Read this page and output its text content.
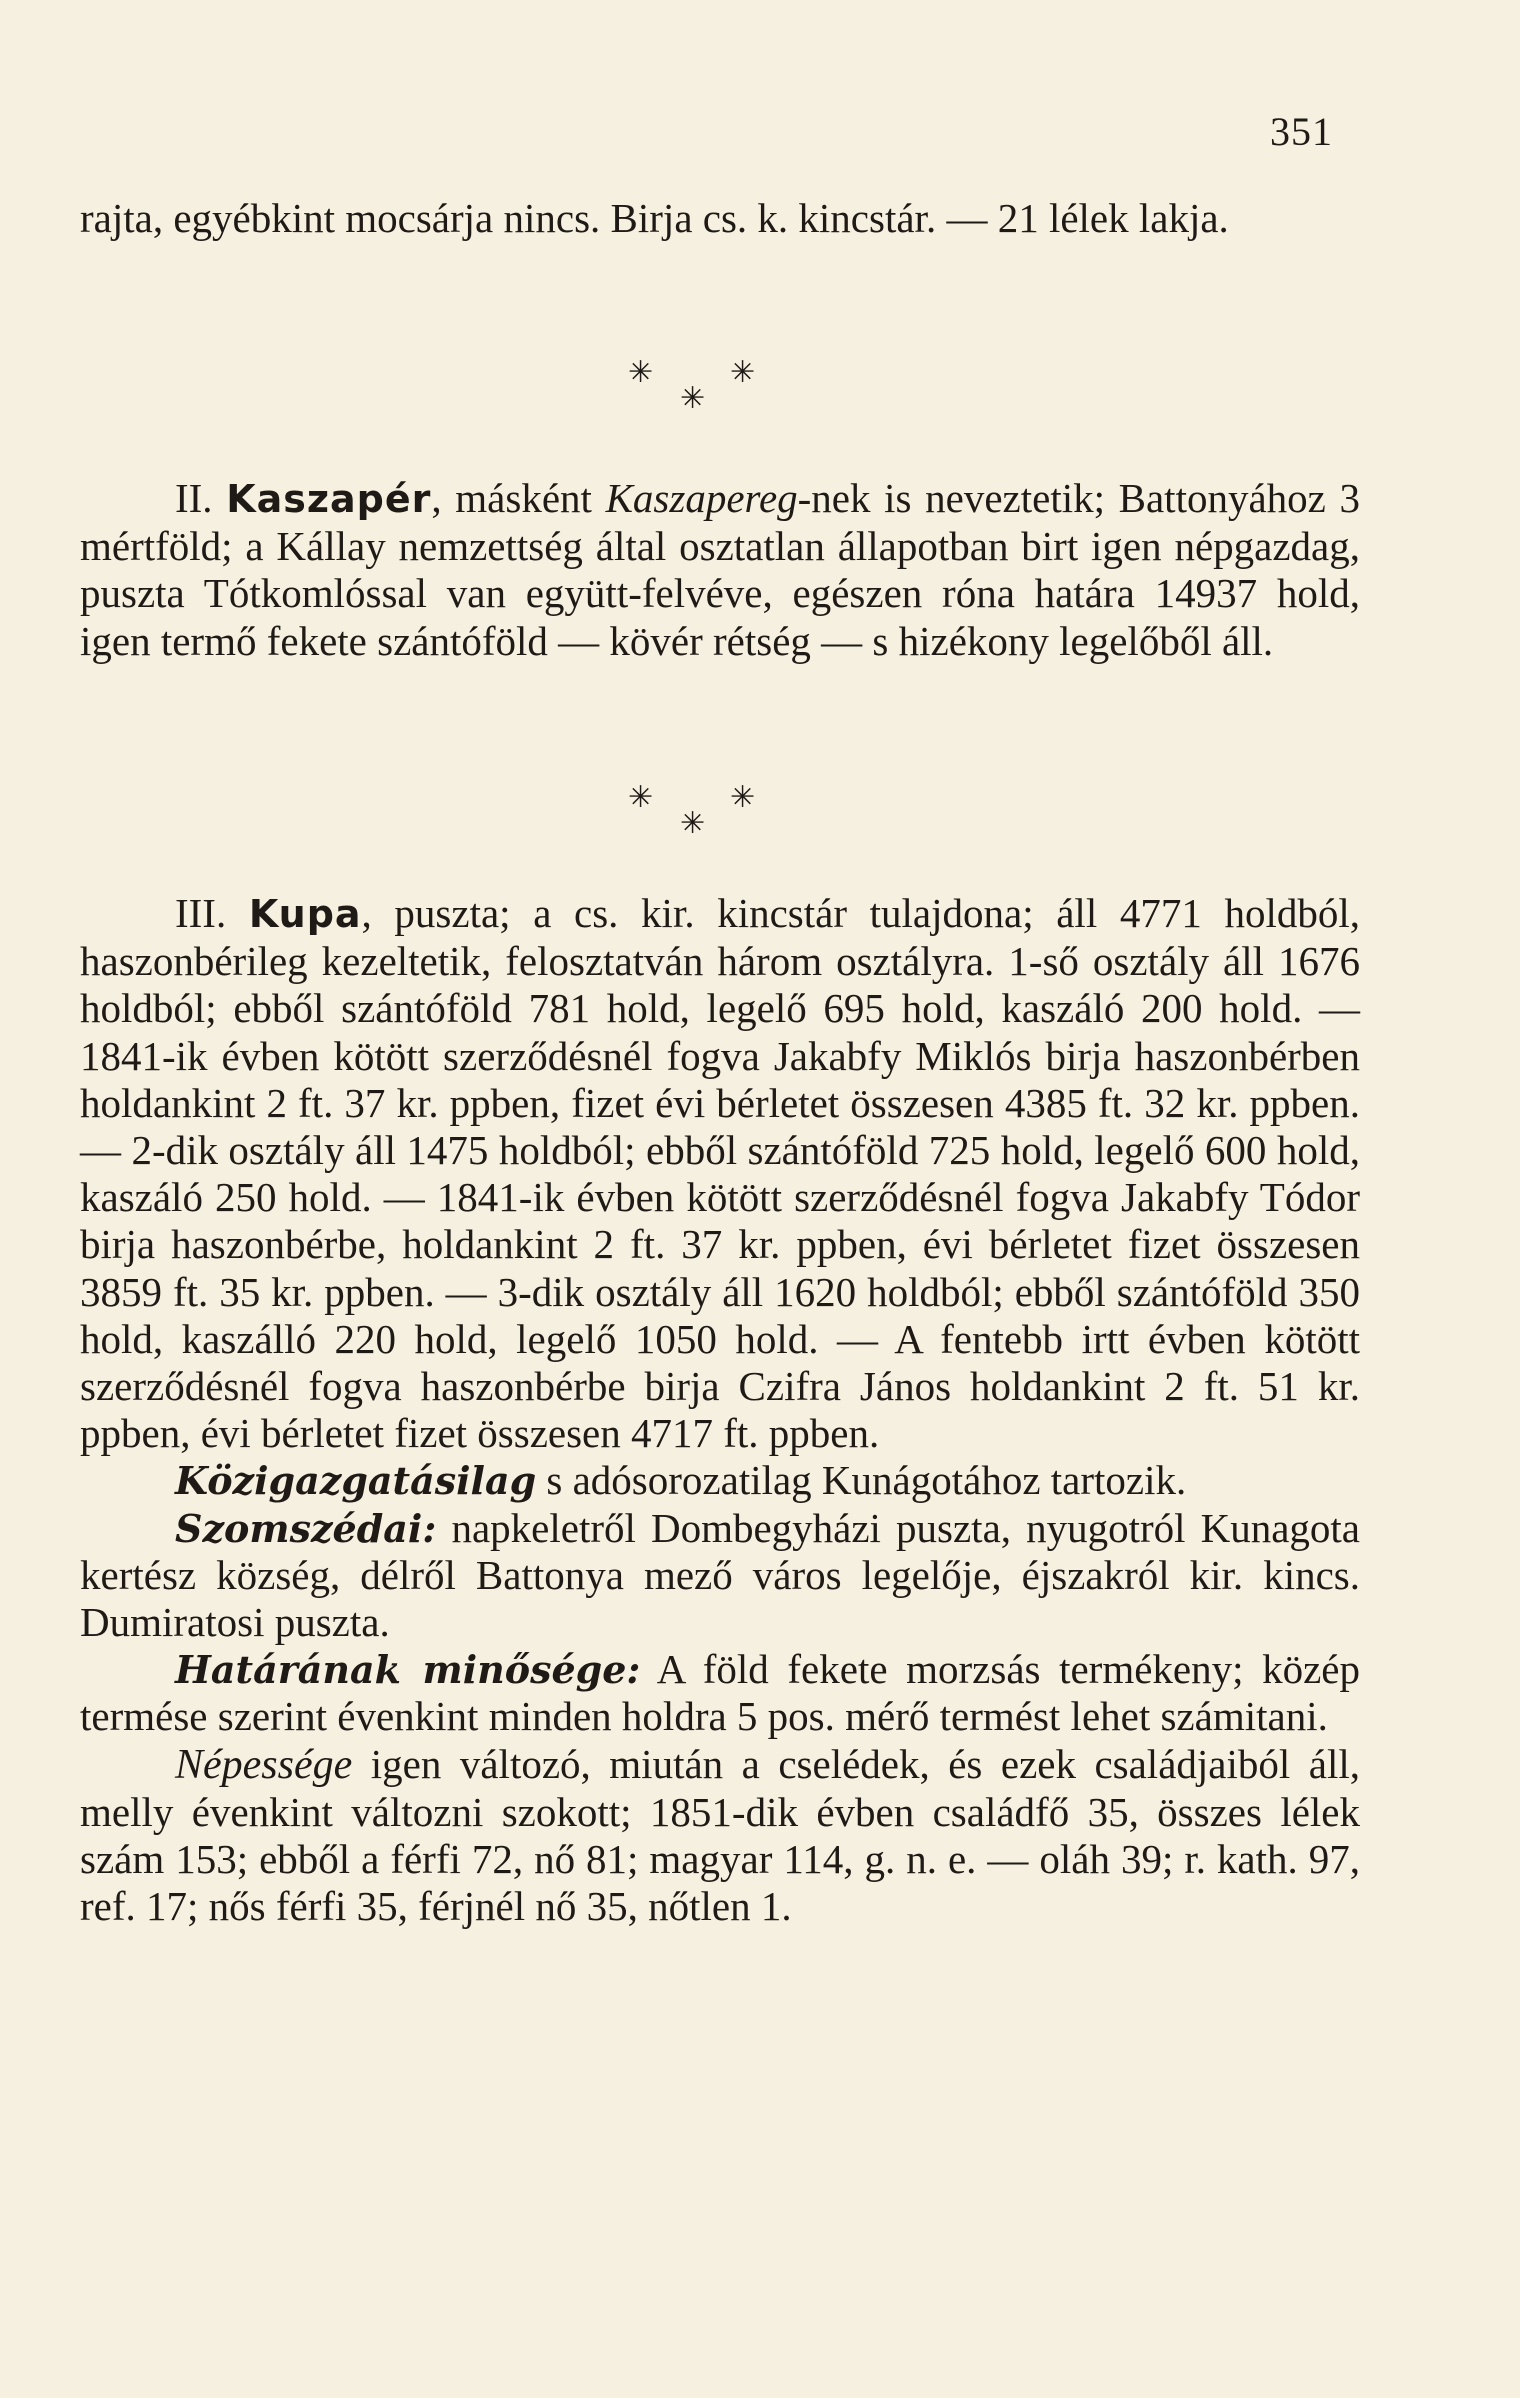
351

rajta, egyébkint mocsárja nincs. Birja cs. k. kincstár. — 21 lélek lakja.

✳	✳
✳

II. Kaszapér, másként Kaszapereg-nek is neveztetik; Battonyához 3 mértföld; a Kállay nemzettség által osztatlan állapotban birt igen népgazdag, puszta Tótkomlóssal van együtt-felvéve, egészen róna határa 14937 hold, igen termő fekete szántóföld — kövér rétség — s hizékony legelőből áll.

✳	✳
✳

III. Kupa, puszta; a cs. kir. kincstár tulajdona; áll 4771 holdból, haszonbérileg kezeltetik, felosztatván három osztályra. 1-ső osztály áll 1676 holdból; ebből szántóföld 781 hold, legelő 695 hold, kaszáló 200 hold. — 1841-ik évben kötött szerződésnél fogva Jakabfy Miklós birja haszonbérben holdankint 2 ft. 37 kr. ppben, fizet évi bérletet összesen 4385 ft. 32 kr. ppben. — 2-dik osztály áll 1475 holdból; ebből szántóföld 725 hold, legelő 600 hold, kaszáló 250 hold. — 1841-ik évben kötött szerződésnél fogva Jakabfy Tódor birja haszonbérbe, holdankint 2 ft. 37 kr. ppben, évi bérletet fizet összesen 3859 ft. 35 kr. ppben. — 3-dik osztály áll 1620 holdból; ebből szántóföld 350 hold, kaszálló 220 hold, legelő 1050 hold. — A fentebb irtt évben kötött szerződésnél fogva haszonbérbe birja Czifra János holdankint 2 ft. 51 kr. ppben, évi bérletet fizet összesen 4717 ft. ppben.

Közigazgatásilag s adósorozatilag Kunágotához tartozik.

Szomszédai: napkeletről Dombegyházi puszta, nyugotról Kunagota kertész község, délről Battonya mező város legelője, éjszakról kir. kincs. Dumiratosi puszta.

Határának minősége: A föld fekete morzsás termékeny; közép termése szerint évenkint minden holdra 5 pos. mérő termést lehet számitani.

Népessége igen változó, miután a cselédek, és ezek családjaiból áll, melly évenkint változni szokott; 1851-dik évben családfő 35, összes lélek szám 153; ebből a férfi 72, nő 81; magyar 114, g. n. e. — oláh 39; r. kath. 97, ref. 17; nős férfi 35, férjnél nő 35, nőtlen 1.
